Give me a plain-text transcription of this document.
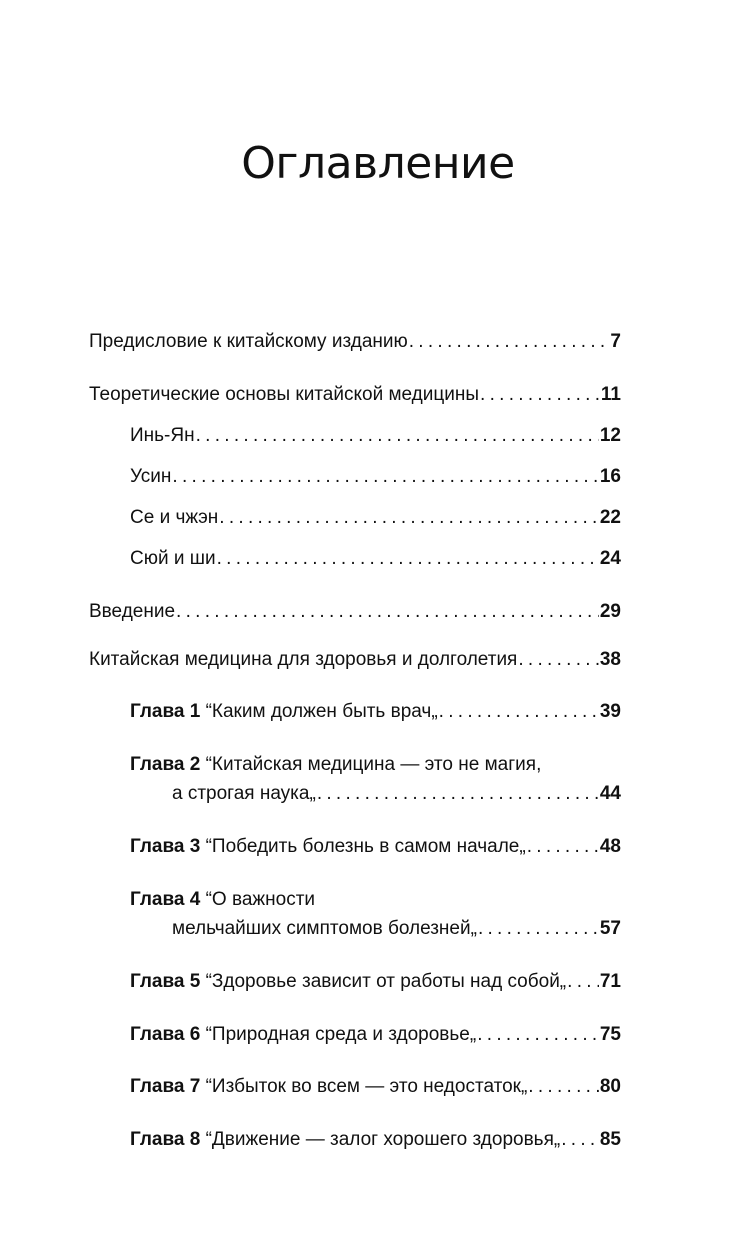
Оглавление
Предисловие к китайскому изданию . . .	7
Теоретические основы китайской медицины . . .	11
Инь-Ян . . .	12
Усин . . .	16
Се и чжэн . . .	22
Сюй и ши . . .	24
Введение . . .	29
Китайская медицина для здоровья и долголетия . . .	38
Глава 1 “Каким должен быть врач„ . . .	39
Глава 2 “Китайская медицина — это не магия,
а строгая наука„ . . .	44
Глава 3 “Победить болезнь в самом начале„ . . .	48
Глава 4 “О важности
мельчайших симптомов болезней„ . . .	57
Глава 5 “Здоровье зависит от работы над собой„ . . . 71
Глава 6 “Природная среда и здоровье„ . . .	75
Глава 7 “Избыток во всем — это недостаток„ . . .	80
Глава 8 “Движение — залог хорошего здоровья„ . . . 85
